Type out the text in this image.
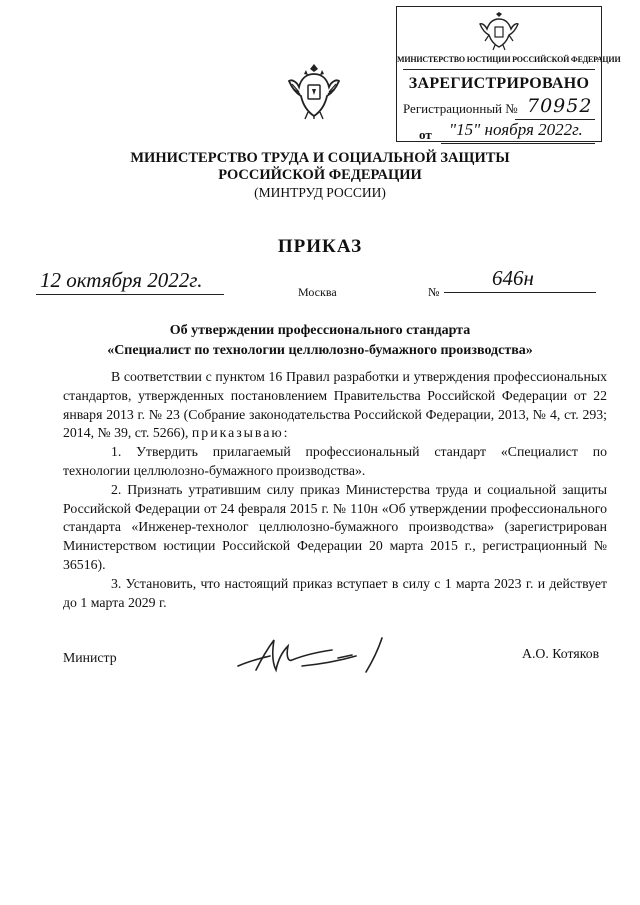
МИНИСТЕРСТВО ЮСТИЦИИ РОССИЙСКОЙ ФЕДЕРАЦИИ
ЗАРЕГИСТРИРОВАНО
Регистрационный № 70952
от "15" ноября 2022г.
МИНИСТЕРСТВО ТРУДА И СОЦИАЛЬНОЙ ЗАЩИТЫ
РОССИЙСКОЙ ФЕДЕРАЦИИ
(МИНТРУД РОССИИ)
ПРИКАЗ
12 октября 2022г.	Москва	№
646н
Об утверждении профессионального стандарта
«Специалист по технологии целлюлозно-бумажного производства»

В соответствии с пунктом 16 Правил разработки и утверждения профессиональных стандартов, утвержденных постановлением Правительства Российской Федерации от 22 января 2013 г. № 23 (Собрание законодательства Российской Федерации, 2013, № 4, ст. 293; 2014, № 39, ст. 5266), приказываю:

1. Утвердить прилагаемый профессиональный стандарт «Специалист по технологии целлюлозно-бумажного производства».

2. Признать утратившим силу приказ Министерства труда и социальной защиты Российской Федерации от 24 февраля 2015 г. № 110н «Об утверждении профессионального стандарта «Инженер-технолог целлюлозно-бумажного производства» (зарегистрирован Министерством юстиции Российской Федерации 20 марта 2015 г., регистрационный № 36516).

3. Установить, что настоящий приказ вступает в силу с 1 марта 2023 г. и действует до 1 марта 2029 г.

Министр	А.О. Котяков
